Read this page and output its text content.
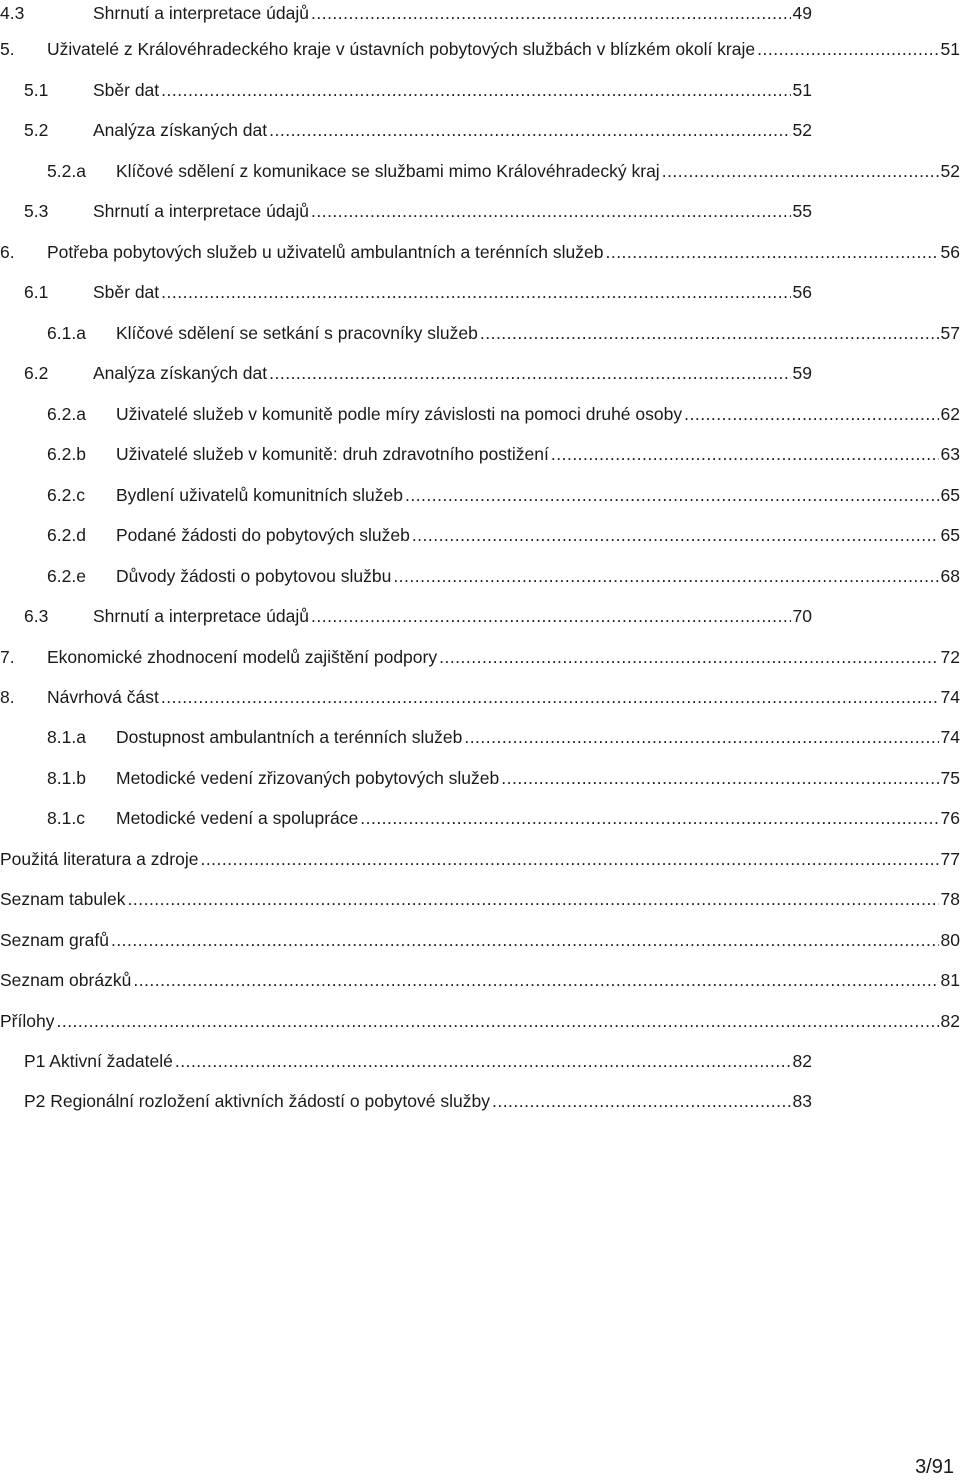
4.3	Shrnutí a interpretace údajů .....	49
5.	Uživatelé z Královéhradeckého kraje v ústavních pobytových službách v blízkém okolí kraje .....	51
5.1	Sběr dat .....	51
5.2	Analýza získaných dat .....	52
5.2.a	Klíčové sdělení z komunikace se službami mimo Královéhradecký kraj .....	52
5.3	Shrnutí a interpretace údajů .....	55
6.	Potřeba pobytových služeb u uživatelů ambulantních a terénních služeb .....	56
6.1	Sběr dat .....	56
6.1.a	Klíčové sdělení se setkání s pracovníky služeb .....	57
6.2	Analýza získaných dat .....	59
6.2.a	Uživatelé služeb v komunitě podle míry závislosti na pomoci druhé osoby .....	62
6.2.b	Uživatelé služeb v komunitě: druh zdravotního postižení .....	63
6.2.c	Bydlení uživatelů komunitních služeb .....	65
6.2.d	Podané žádosti do pobytových služeb .....	65
6.2.e	Důvody žádosti o pobytovou službu .....	68
6.3	Shrnutí a interpretace údajů .....	70
7.	Ekonomické zhodnocení modelů zajištění podpory .....	72
8.	Návrhová část .....	74
8.1.a	Dostupnost ambulantních a terénních služeb .....	74
8.1.b	Metodické vedení zřizovaných pobytových služeb .....	75
8.1.c	Metodické vedení a spolupráce .....	76
Použitá literatura a zdroje .....	77
Seznam tabulek .....	78
Seznam grafů .....	80
Seznam obrázků .....	81
Přílohy .....	82
P1 Aktivní žadatelé .....	82
P2 Regionální rozložení aktivních žádostí o pobytové služby .....	83
3/91
